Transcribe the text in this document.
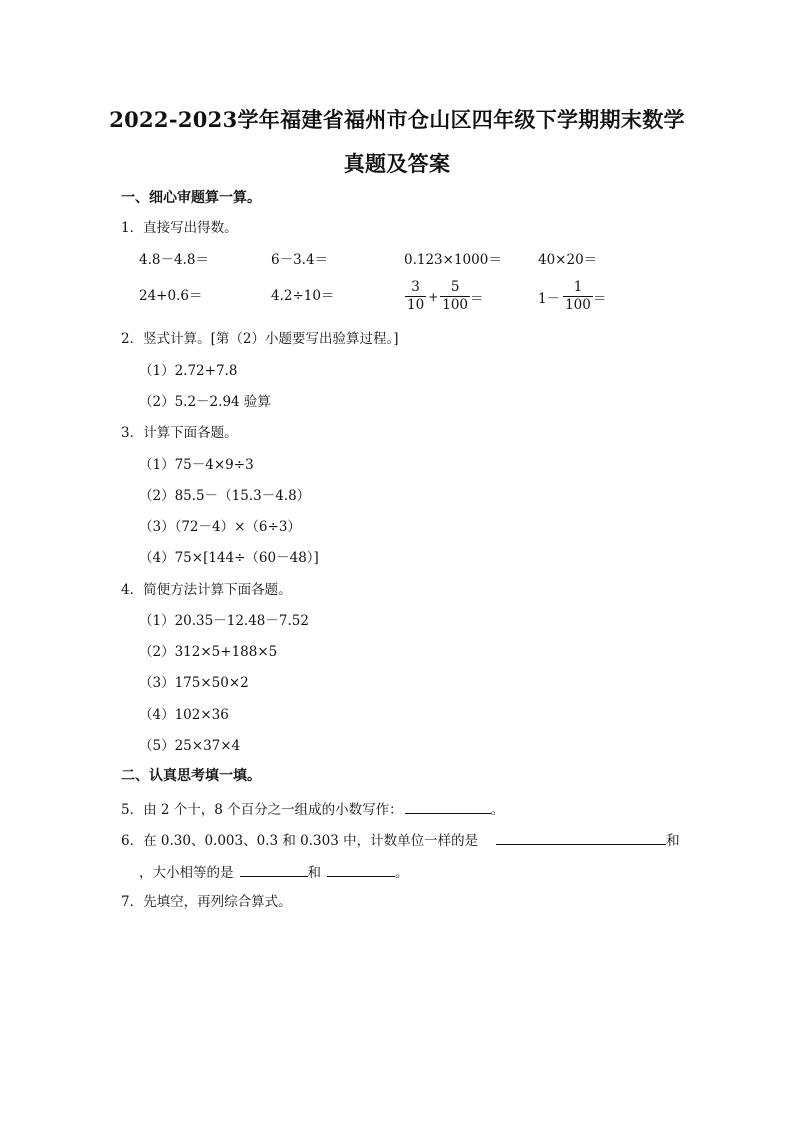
2022-2023学年福建省福州市仓山区四年级下学期期末数学
真题及答案
一、细心审题算一算。
1．直接写出得数。
4.8－4.8＝	6－3.4＝	0.123×1000＝	40×20＝
24+0.6＝	4.2÷10＝	$\frac{3}{10} + \frac{5}{100}$ ＝	$1- \frac{1}{100}$ ＝
2．竖式计算。[第（2）小题要写出验算过程。]
（1）2.72+7.8
（2）5.2－2.94 验算
3．计算下面各题。
（1）75－4×9÷3
（2）85.5－（15.3－4.8）
（3）（72－4）×（6÷3）
（4）75×[144÷（60－48）]
4．简便方法计算下面各题。
（1）20.35－12.48－7.52
（2）312×5+188×5
（3）175×50×2
（4）102×36
（5）25×37×4
二、认真思考填一填。
5．由 2 个十，8 个百分之一组成的小数写作：	。
6．在 0.30、0.003、0.3 和 0.303 中，计数单位一样的是	和
，大小相等的是	和	。
7．先填空，再列综合算式。
